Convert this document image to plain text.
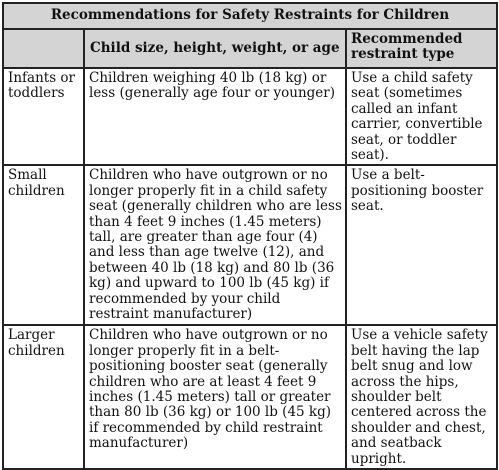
Recommendations for Safety Restraints for Children		
	Child size, height, weight, or age	Recommended restraint type
Infants or toddlers	Children weighing 40 lb (18 kg) or less (generally age four or younger)	Use a child safety seat (sometimes called an infant carrier, convertible seat, or toddler seat).
Small children	Children who have outgrown or no longer properly fit in a child safety seat (generally children who are less than 4 feet 9 inches (1.45 meters) tall, are greater than age four (4) and less than age twelve (12), and between 40 lb (18 kg) and 80 lb (36 kg) and upward to 100 lb (45 kg) if recommended by your child restraint manufacturer)	Use a belt-positioning booster seat.
Larger children	Children who have outgrown or no longer properly fit in a belt-positioning booster seat (generally children who are at least 4 feet 9 inches (1.45 meters) tall or greater than 80 lb (36 kg) or 100 lb (45 kg) if recommended by child restraint manufacturer)	Use a vehicle safety belt having the lap belt snug and low across the hips, shoulder belt centered across the shoulder and chest, and seatback upright.
